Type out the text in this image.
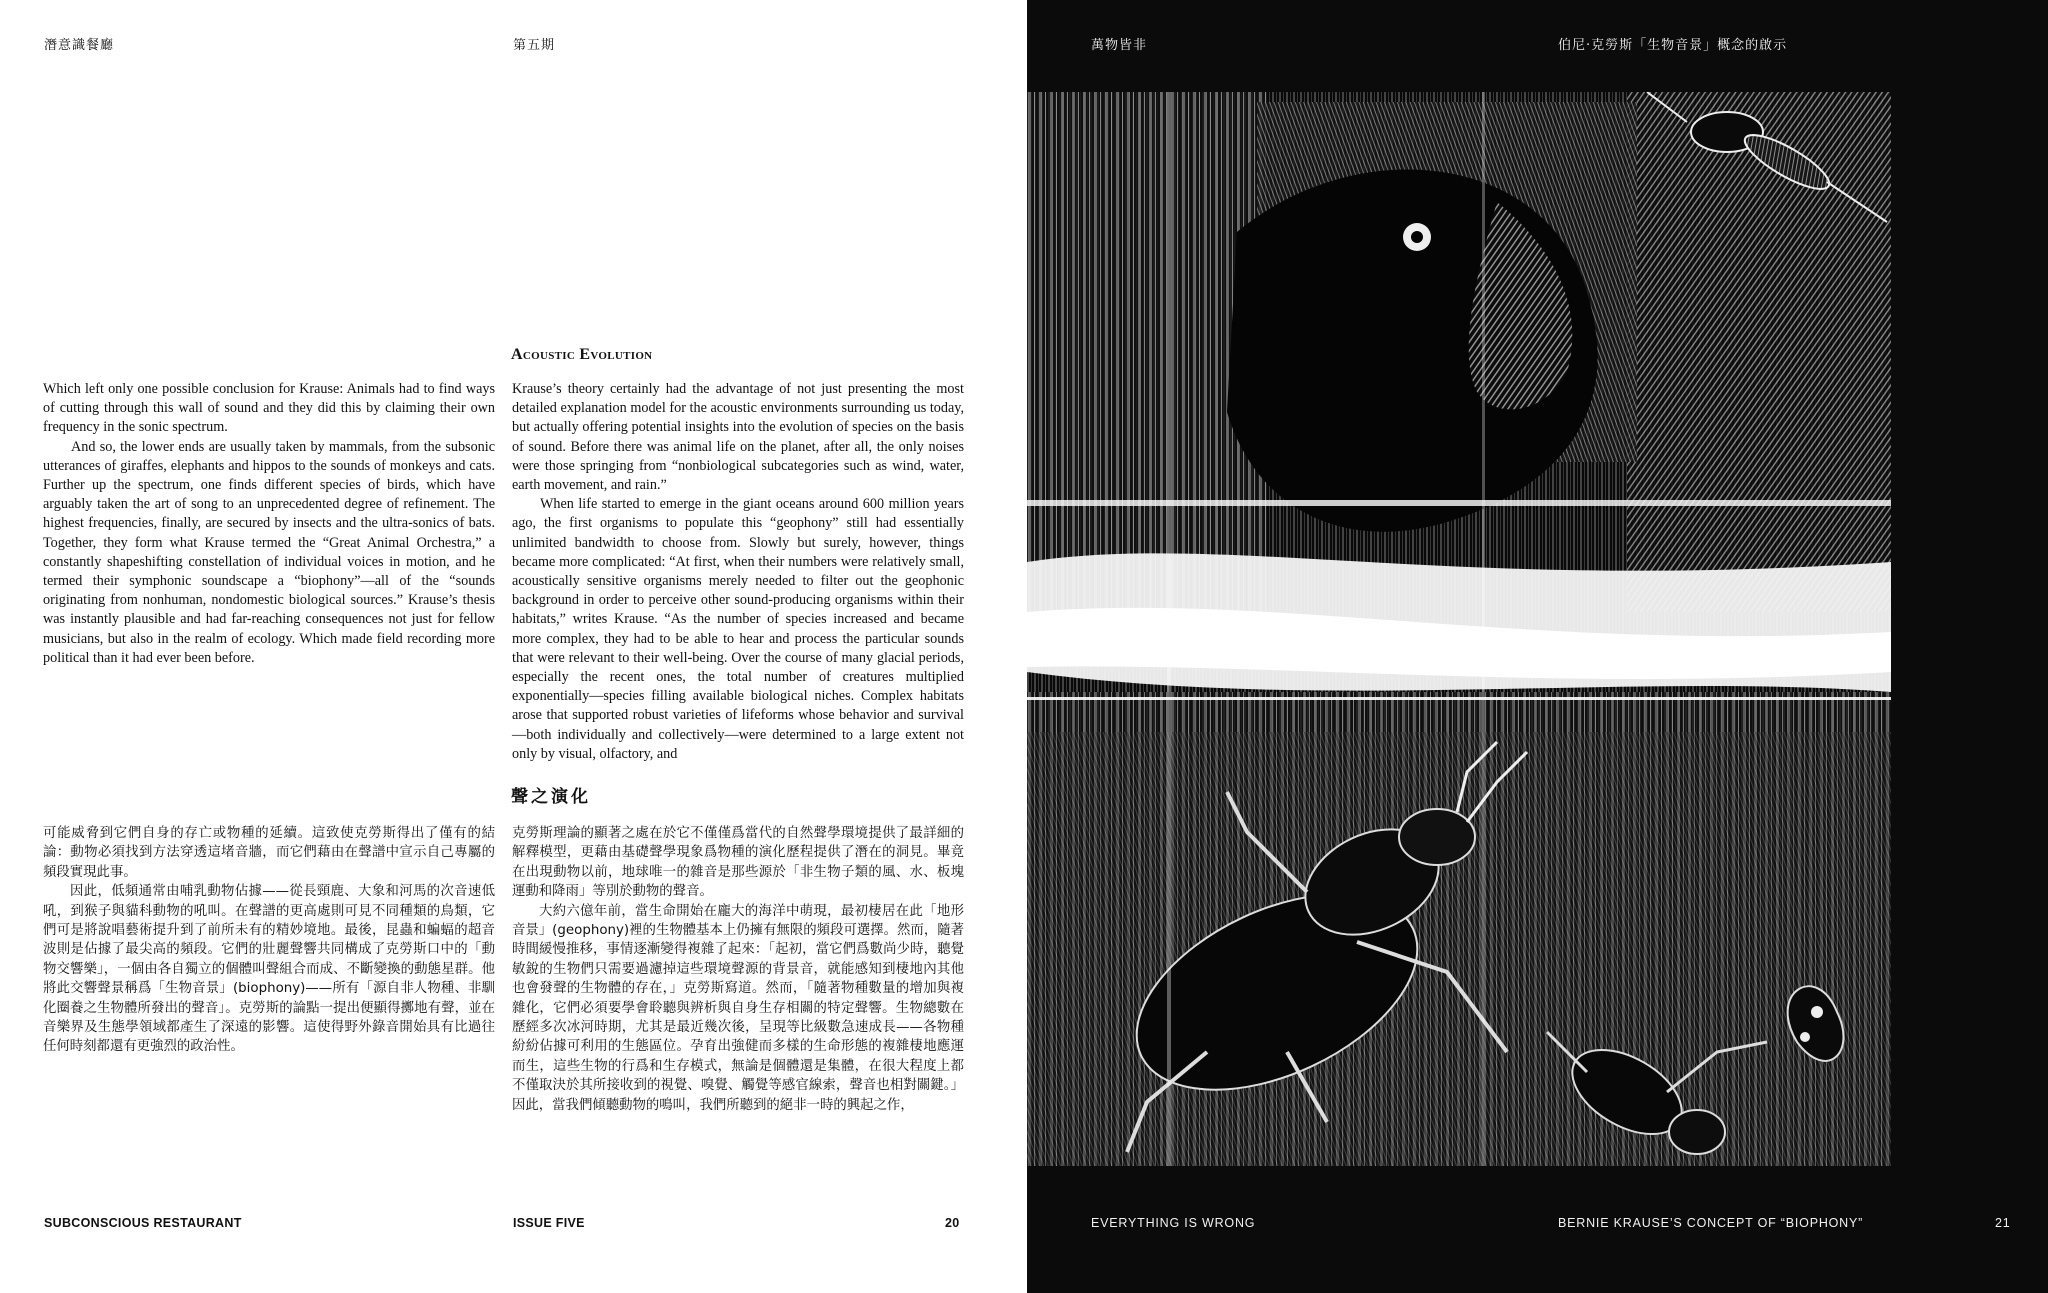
潛意識餐廳	第五期

Which left only one possible conclusion for Krause: Animals had to find ways of cutting through this wall of sound and they did this by claiming their own frequency in the sonic spectrum.

And so, the lower ends are usually taken by mammals, from the subsonic utterances of giraffes, elephants and hippos to the sounds of monkeys and cats. Further up the spectrum, one finds different species of birds, which have arguably taken the art of song to an unprecedented degree of refinement. The highest frequencies, finally, are secured by insects and the ultra-sonics of bats. Together, they form what Krause termed the “Great Animal Orchestra,” a constantly shapeshifting constellation of individual voices in motion, and he termed their symphonic soundscape a “biophony”—all of the “sounds originating from nonhuman, nondomestic biological sources.” Krause’s thesis was instantly plausible and had far-reaching consequences not just for fellow musicians, but also in the realm of ecology. Which made field recording more political than it had ever been before.

Acoustic Evolution

Krause’s theory certainly had the advantage of not just presenting the most detailed explanation model for the acoustic environments surrounding us today, but actually offering potential insights into the evolution of species on the basis of sound. Before there was animal life on the planet, after all, the only noises were those springing from “nonbiological subcategories such as wind, water, earth movement, and rain.”

When life started to emerge in the giant oceans around 600 million years ago, the first organisms to populate this “geophony” still had essentially unlimited bandwidth to choose from. Slowly but surely, however, things became more complicated: “At first, when their numbers were relatively small, acoustically sensitive organisms merely needed to filter out the geophonic background in order to perceive other sound-producing organisms within their habitats,” writes Krause. “As the number of species increased and became more complex, they had to be able to hear and process the particular sounds that were relevant to their well-being. Over the course of many glacial periods, especially the recent ones, the total number of creatures multiplied exponentially—species filling available biological niches. Complex habitats arose that supported robust varieties of lifeforms whose behavior and survival—both individually and collectively—were determined to a large extent not only by visual, olfactory, and

聲之演化

可能威脅到它們自身的存亡或物種的延續。這致使克勞斯得出了僅有的結論：動物必須找到方法穿透這堵音牆，而它們藉由在聲譜中宣示自己專屬的頻段實現此事。

因此，低頻通常由哺乳動物佔據——從長頸鹿、大象和河馬的次音速低吼，到猴子與貓科動物的吼叫。在聲譜的更高處則可見不同種類的鳥類，它們可是將說唱藝術提升到了前所未有的精妙境地。最後，昆蟲和蝙蝠的超音波則是佔據了最尖高的頻段。它們的壯麗聲響共同構成了克勞斯口中的「動物交響樂」，一個由各自獨立的個體叫聲組合而成、不斷變換的動態星群。他將此交響聲景稱爲「生物音景」(biophony)——所有「源自非人物種、非馴化圈養之生物體所發出的聲音」。克勞斯的論點一提出便顯得擲地有聲，並在音樂界及生態學領域都產生了深遠的影響。這使得野外錄音開始具有比過往任何時刻都還有更強烈的政治性。

克勞斯理論的顯著之處在於它不僅僅爲當代的自然聲學環境提供了最詳細的解釋模型，更藉由基礎聲學現象爲物種的演化歷程提供了潛在的洞見。畢竟在出現動物以前，地球唯一的雜音是那些源於「非生物子類的風、水、板塊運動和降雨」等別於動物的聲音。

大約六億年前，當生命開始在龐大的海洋中萌現，最初棲居在此「地形音景」(geophony)裡的生物體基本上仍擁有無限的頻段可選擇。然而，隨著時間緩慢推移，事情逐漸變得複雜了起來：「起初，當它們爲數尚少時，聽覺敏銳的生物們只需要過濾掉這些環境聲源的背景音，就能感知到棲地內其他也會發聲的生物體的存在，」克勞斯寫道。然而，「隨著物種數量的增加與複雜化，它們必須要學會聆聽與辨析與自身生存相關的特定聲響。生物總數在歷經多次冰河時期，尤其是最近幾次後，呈現等比級數急速成長——各物種紛紛佔據可利用的生態區位。孕育出強健而多樣的生命形態的複雜棲地應運而生，這些生物的行爲和生存模式，無論是個體還是集體，在很大程度上都不僅取決於其所接收到的視覺、嗅覺、觸覺等感官線索，聲音也相對關鍵。」因此，當我們傾聽動物的鳴叫，我們所聽到的絕非一時的興起之作，

SUBCONSCIOUS RESTAURANT	ISSUE FIVE	20
萬物皆非	伯尼·克勞斯「生物音景」概念的啟示
EVERYTHING IS WRONG	BERNIE KRAUSE’S CONCEPT OF “BIOPHONY”	21
